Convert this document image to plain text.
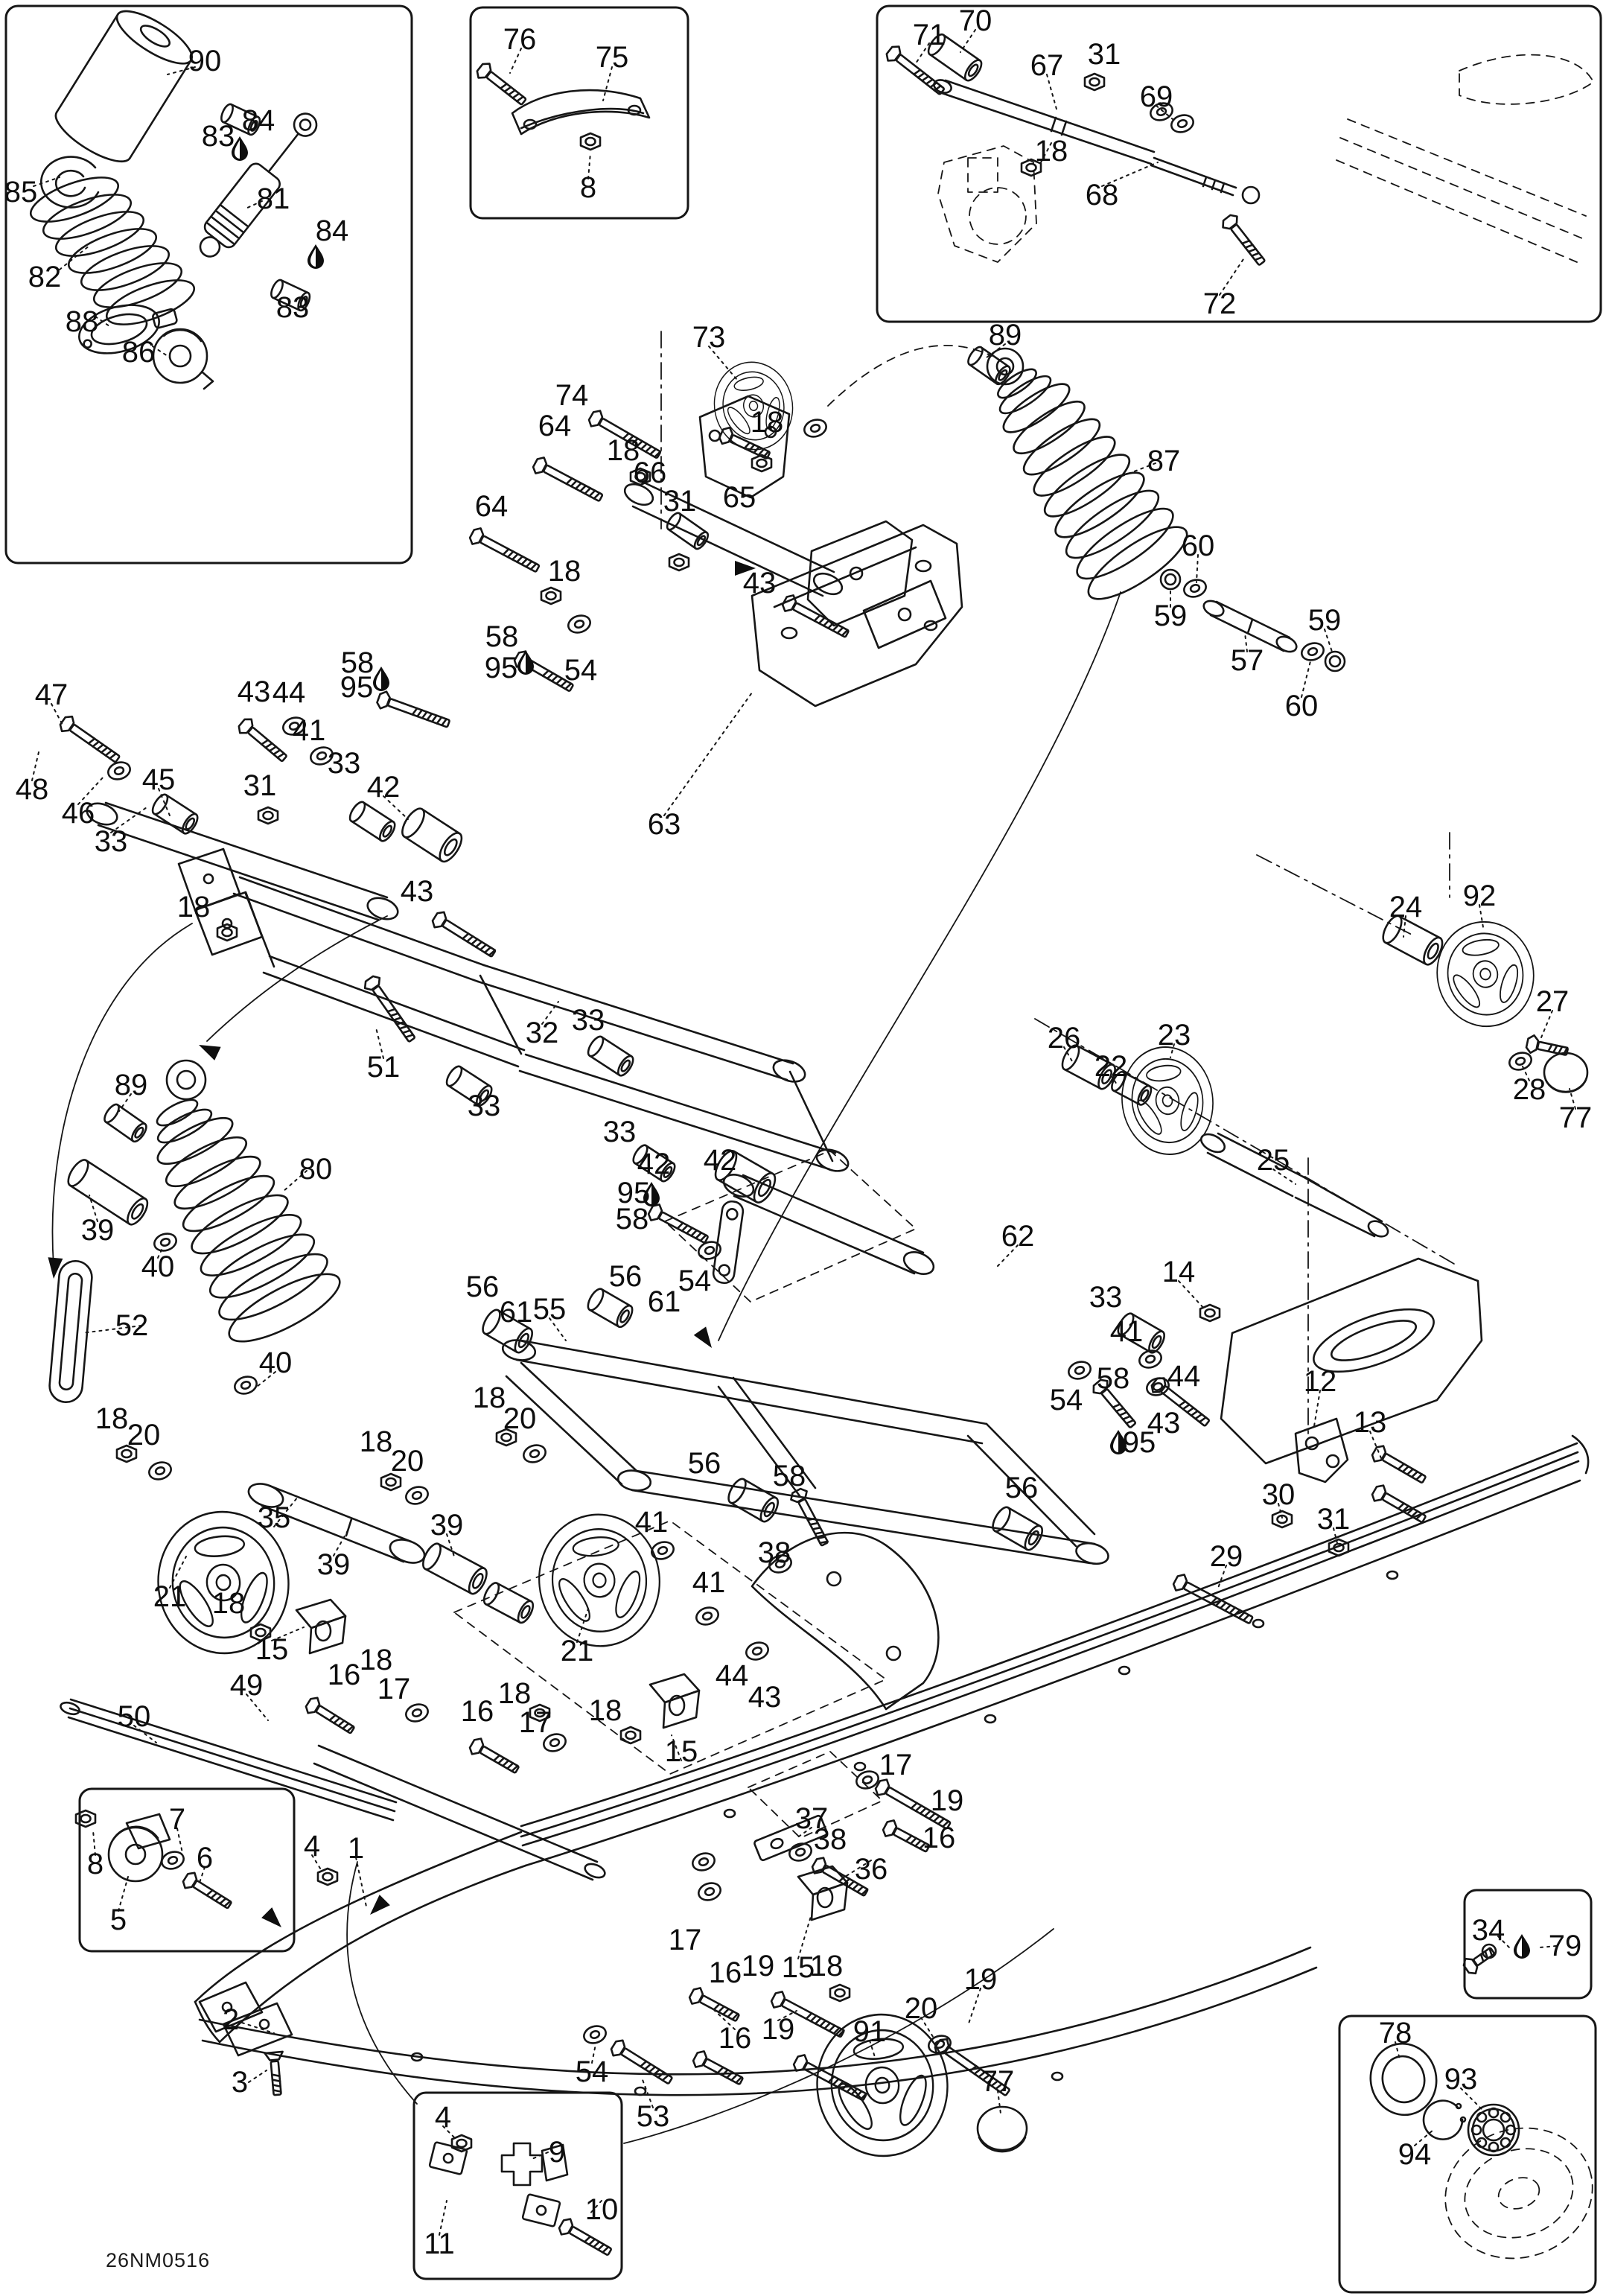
90
84
83
85	81
82
84
83
88
86
76
75
8
71 70
67 31
69
18
68
72
73	89
74
64
18
66
18
31 65
64
18	43
58
95 54
63
87
60
59
57
59
60
47
48
46
33
45
43 44
41
31
33
42
58
95
18	43
51
32 33
33
33
42
24 92
27
28
77
26
22
23
25
89
80
39
40
52
40
56
61 55	61
56 54
58
95
42
62
14
33
41
58
54
95
44
43
56
56
58
38
41
12
13
30
31
29
18
20
21
35
39
39
18
20
18
20
18
15
49
50
16
18
17
21
16
18
17 18
15
41
44
43
7
8
5
6	4 1
2
3	54
53
4
9
10
11
16 19
17
19
16
37
38
36
17
16 19 15
18
91
20
19
77
34 79
78
93
94
26NM0516
